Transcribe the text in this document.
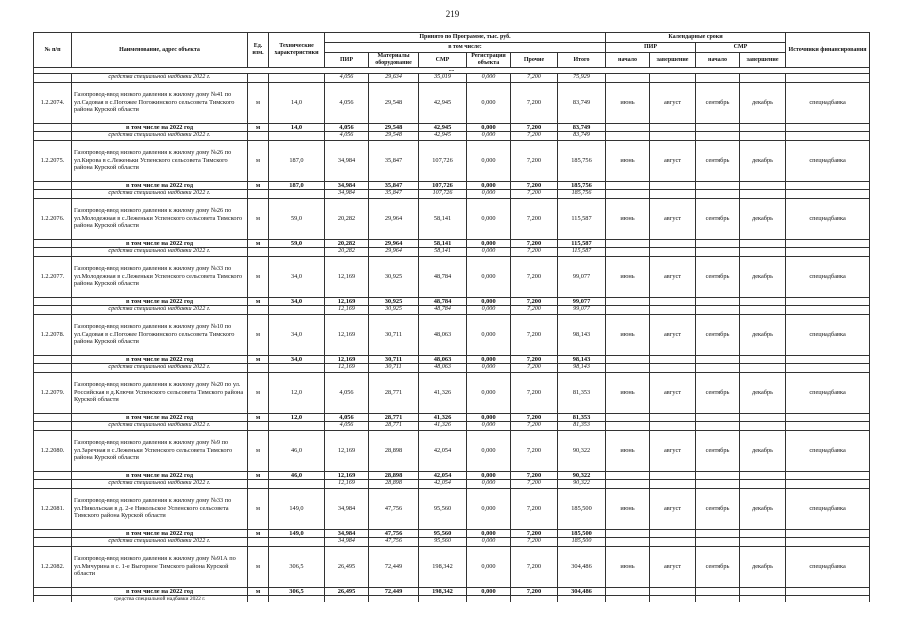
219
№ п/п	Наименование, адрес объекта	Ед. изм.	Технические характеристики	Принято по Программе, тыс. руб.						Календарные сроки				Источники финансирования
				в том числе:						ПИР		СМР		
				ПИР	Материалы оборудование	СМР	Регистрация объекта	Прочие	Итого					
										начало	завершение	начало	завершение	
....														
	средства специальной надбавки 2022 г.			4,056	29,634	35,019	0,000	7,200	75,929					
1.2.2074.	Газопровод-ввод низкого давления к жилому дому №41 по ул.Садовая в с.Погожее Погожинского сельсовета Тимского района Курской области	м	14,0	4,056	29,548	42,945	0,000	7,200	83,749	июнь	август	сентябрь	декабрь	спецнадбавка
	в том числе на 2022 год	м	14,0	4,056	29,548	42,945	0,000	7,200	83,749					
	средства специальной надбавки 2022 г.			4,056	29,548	42,945	0,000	7,200	83,749					
1.2.2075.	Газопровод-ввод низкого давления к жилому дому №26 по ул.Кирова в с.Леженьки Успенского сельсовета Тимского района Курской области	м	187,0	34,984	35,847	107,726	0,000	7,200	185,756	июнь	август	сентябрь	декабрь	спецнадбавка
	в том числе на 2022 год	м	187,0	34,984	35,847	107,726	0,000	7,200	185,756					
	средства специальной надбавки 2022 г.			34,984	35,847	107,726	0,000	7,200	185,756					
1.2.2076.	Газопровод-ввод низкого давления к жилому дому №26 по ул.Молодежная в с.Леженьки Успенского сельсовета Тимского района Курской области	м	59,0	20,282	29,964	58,141	0,000	7,200	115,587	июнь	август	сентябрь	декабрь	спецнадбавка
	в том числе на 2022 год	м	59,0	20,282	29,964	58,141	0,000	7,200	115,587					
	средства специальной надбавки 2022 г.			20,282	29,964	58,141	0,000	7,200	115,587					
1.2.2077.	Газопровод-ввод низкого давления к жилому дому №33 по ул.Молодежная в с.Леженьки Успенского сельсовета Тимского района Курской области	м	34,0	12,169	30,925	48,784	0,000	7,200	99,077	июнь	август	сентябрь	декабрь	спецнадбавка
	в том числе на 2022 год	м	34,0	12,169	30,925	48,784	0,000	7,200	99,077					
	средства специальной надбавки 2022 г.			12,169	30,925	48,784	0,000	7,200	99,077					
1.2.2078.	Газопровод-ввод низкого давления к жилому дому №10 по ул.Садовая в с.Погожее Погожинского сельсовета Тимского района Курской области	м	34,0	12,169	30,711	48,063	0,000	7,200	98,143	июнь	август	сентябрь	декабрь	спецнадбавка
	в том числе на 2022 год	м	34,0	12,169	30,711	48,063	0,000	7,200	98,143					
	средства специальной надбавки 2022 г.			12,169	30,711	48,063	0,000	7,200	98,143					
1.2.2079.	Газопровод-ввод низкого давления к жилому дому №20 по ул. Российская в д.Ключи Успенского сельсовета Тимского района Курской области	м	12,0	4,056	28,771	41,326	0,000	7,200	81,353	июнь	август	сентябрь	декабрь	спецнадбавка
	в том числе на 2022 год	м	12,0	4,056	28,771	41,326	0,000	7,200	81,353					
	средства специальной надбавки 2022 г.			4,056	28,771	41,326	0,000	7,200	81,353					
1.2.2080.	Газопровод-ввод низкого давления к жилому дому №9 по ул.Заречная в с.Леженьки Успенского сельсовета Тимского района Курской области	м	46,0	12,169	28,898	42,054	0,000	7,200	90,322	июнь	август	сентябрь	декабрь	спецнадбавка
	в том числе на 2022 год	м	46,0	12,169	28,898	42,054	0,000	7,200	90,322					
	средства специальной надбавки 2022 г.			12,169	28,898	42,054	0,000	7,200	90,322					
1.2.2081.	Газопровод-ввод низкого давления к жилому дому №33 по ул.Никольская в д. 2-е Никольское Успенского сельсовета Тимского района Курской области	м	149,0	34,984	47,756	95,560	0,000	7,200	185,500	июнь	август	сентябрь	декабрь	спецнадбавка
	в том числе на 2022 год	м	149,0	34,984	47,756	95,560	0,000	7,200	185,500					
	средства специальной надбавки 2022 г.			34,984	47,756	95,560	0,000	7,200	185,500					
1.2.2082.	Газопровод-ввод низкого давления к жилому дому №91А по ул.Мичурина в с. 1-е Выгорное Тимского района Курской области	м	306,5	26,495	72,449	198,342	0,000	7,200	304,486	июнь	август	сентябрь	декабрь	спецнадбавка
	в том числе на 2022 год	м	306,5	26,495	72,449	198,342	0,000	7,200	304,486					
	средства специальной надбавки 2022 г.													
